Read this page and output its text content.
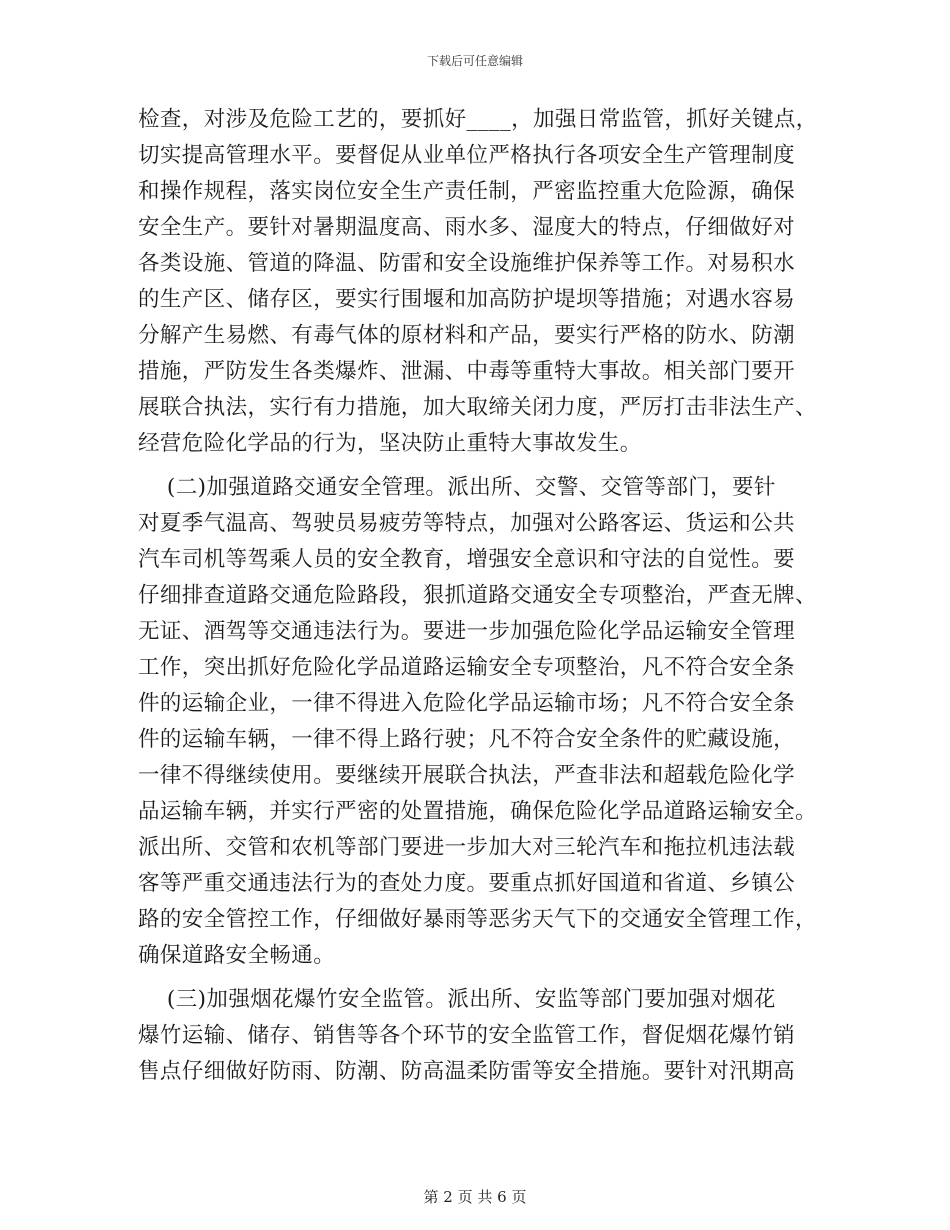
下载后可任意编辑
检查，对涉及危险工艺的，要抓好____，加强日常监管，抓好关键点，
切实提高管理水平。要督促从业单位严格执行各项安全生产管理制度
和操作规程，落实岗位安全生产责任制，严密监控重大危险源，确保
安全生产。要针对暑期温度高、雨水多、湿度大的特点，仔细做好对
各类设施、管道的降温、防雷和安全设施维护保养等工作。对易积水
的生产区、储存区，要实行围堰和加高防护堤坝等措施；对遇水容易
分解产生易燃、有毒气体的原材料和产品，要实行严格的防水、防潮
措施，严防发生各类爆炸、泄漏、中毒等重特大事故。相关部门要开
展联合执法，实行有力措施，加大取缔关闭力度，严厉打击非法生产、
经营危险化学品的行为，坚决防止重特大事故发生。
(二)加强道路交通安全管理。派出所、交警、交管等部门，要针
对夏季气温高、驾驶员易疲劳等特点，加强对公路客运、货运和公共
汽车司机等驾乘人员的安全教育，增强安全意识和守法的自觉性。要
仔细排查道路交通危险路段，狠抓道路交通安全专项整治，严查无牌、
无证、酒驾等交通违法行为。要进一步加强危险化学品运输安全管理
工作，突出抓好危险化学品道路运输安全专项整治，凡不符合安全条
件的运输企业，一律不得进入危险化学品运输市场；凡不符合安全条
件的运输车辆，一律不得上路行驶；凡不符合安全条件的贮藏设施，
一律不得继续使用。要继续开展联合执法，严查非法和超载危险化学
品运输车辆，并实行严密的处置措施，确保危险化学品道路运输安全。
派出所、交管和农机等部门要进一步加大对三轮汽车和拖拉机违法载
客等严重交通违法行为的查处力度。要重点抓好国道和省道、乡镇公
路的安全管控工作，仔细做好暴雨等恶劣天气下的交通安全管理工作，
确保道路安全畅通。
(三)加强烟花爆竹安全监管。派出所、安监等部门要加强对烟花
爆竹运输、储存、销售等各个环节的安全监管工作，督促烟花爆竹销
售点仔细做好防雨、防潮、防高温柔防雷等安全措施。要针对汛期高
第 2 页 共 6 页
